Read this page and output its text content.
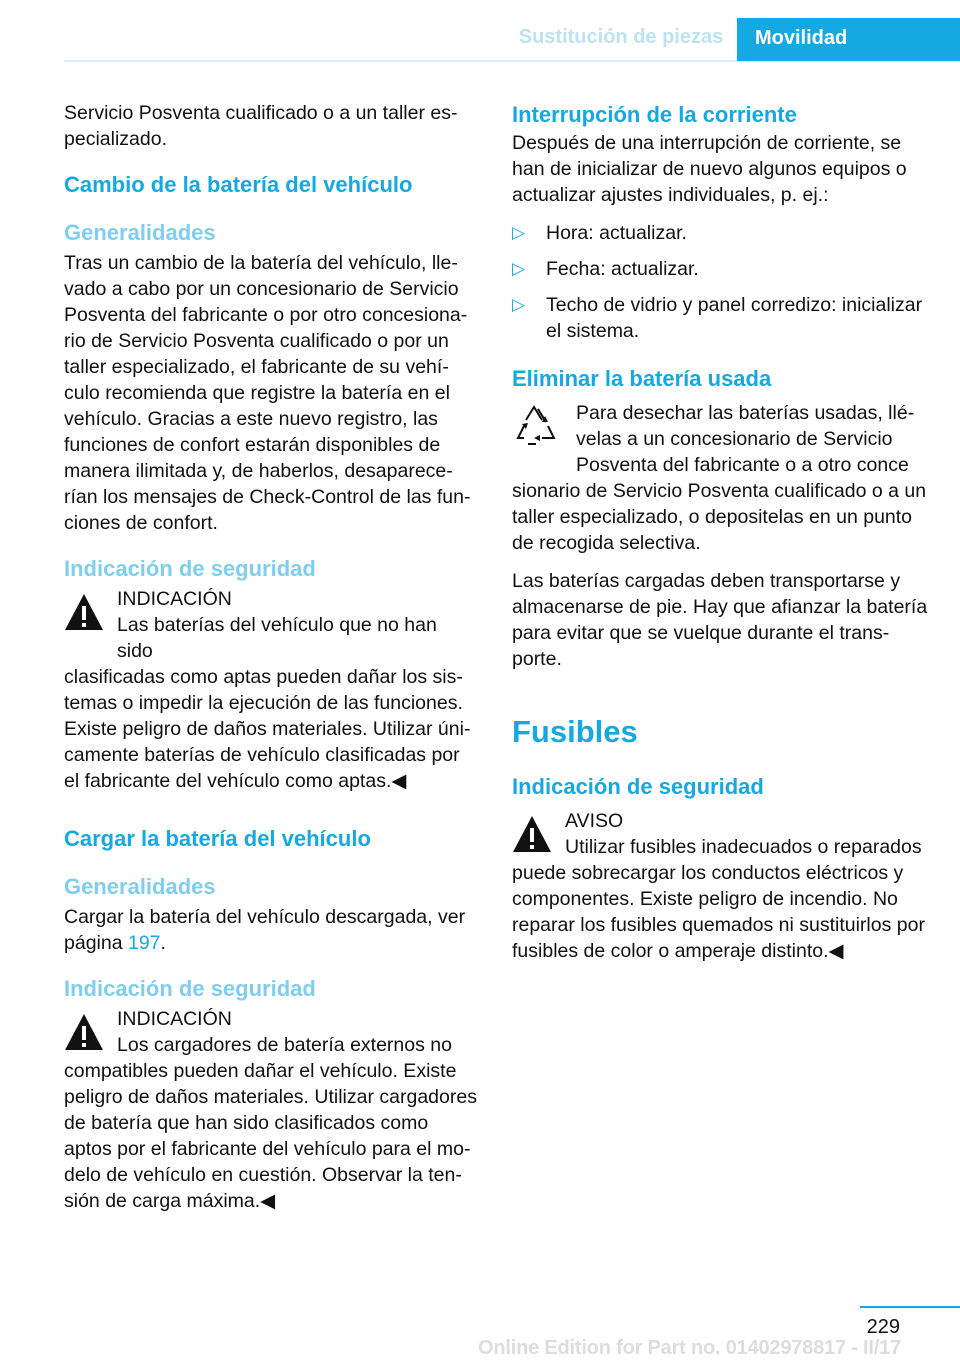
Sustitución de piezas	Movilidad

Servicio Posventa cualificado o a un taller especializado.

Cambio de la batería del vehículo
Generalidades

Tras un cambio de la batería del vehículo, llevado a cabo por un concesionario de Servicio Posventa del fabricante o por otro concesionario de Servicio Posventa cualificado o por un taller especializado, el fabricante de su vehículo recomienda que registre la batería en el vehículo. Gracias a este nuevo registro, las funciones de confort estarán disponibles de manera ilimitada y, de haberlos, desaparecerían los mensajes de Check-Control de las funciones de confort.

Indicación de seguridad
INDICACIÓN
Las baterías del vehículo que no han sido
clasificadas como aptas pueden dañar los sistemas o impedir la ejecución de las funciones. Existe peligro de daños materiales. Utilizar únicamente baterías de vehículo clasificadas por el fabricante del vehículo como aptas.◀
Cargar la batería del vehículo
Generalidades

Cargar la batería del vehículo descargada, ver página 197.

Indicación de seguridad
INDICACIÓN
Los cargadores de batería externos no
compatibles pueden dañar el vehículo. Existe peligro de daños materiales. Utilizar cargadores de batería que han sido clasificados como aptos por el fabricante del vehículo para el modelo de vehículo en cuestión. Observar la tensión de carga máxima.◀
Interrupción de la corriente

Después de una interrupción de corriente, se han de inicializar de nuevo algunos equipos o actualizar ajustes individuales, p. ej.:

▷ Hora: actualizar.
▷ Fecha: actualizar.
▷ Techo de vidrio y panel corredizo: inicializar el sistema.
Eliminar la batería usada
Para desechar las baterías usadas, llévelas a un concesionario de Servicio Posventa del fabricante o a otro conce
sionario de Servicio Posventa cualificado o a un taller especializado, o depositelas en un punto de recogida selectiva.

Las baterías cargadas deben transportarse y almacenarse de pie. Hay que afianzar la batería para evitar que se vuelque durante el transporte.

Fusibles
Indicación de seguridad
AVISO
Utilizar fusibles inadecuados o reparados
puede sobrecargar los conductos eléctricos y componentes. Existe peligro de incendio. No reparar los fusibles quemados ni sustituirlos por fusibles de color o amperaje distinto.◀
229
Online Edition for Part no. 01402978817 - II/17
